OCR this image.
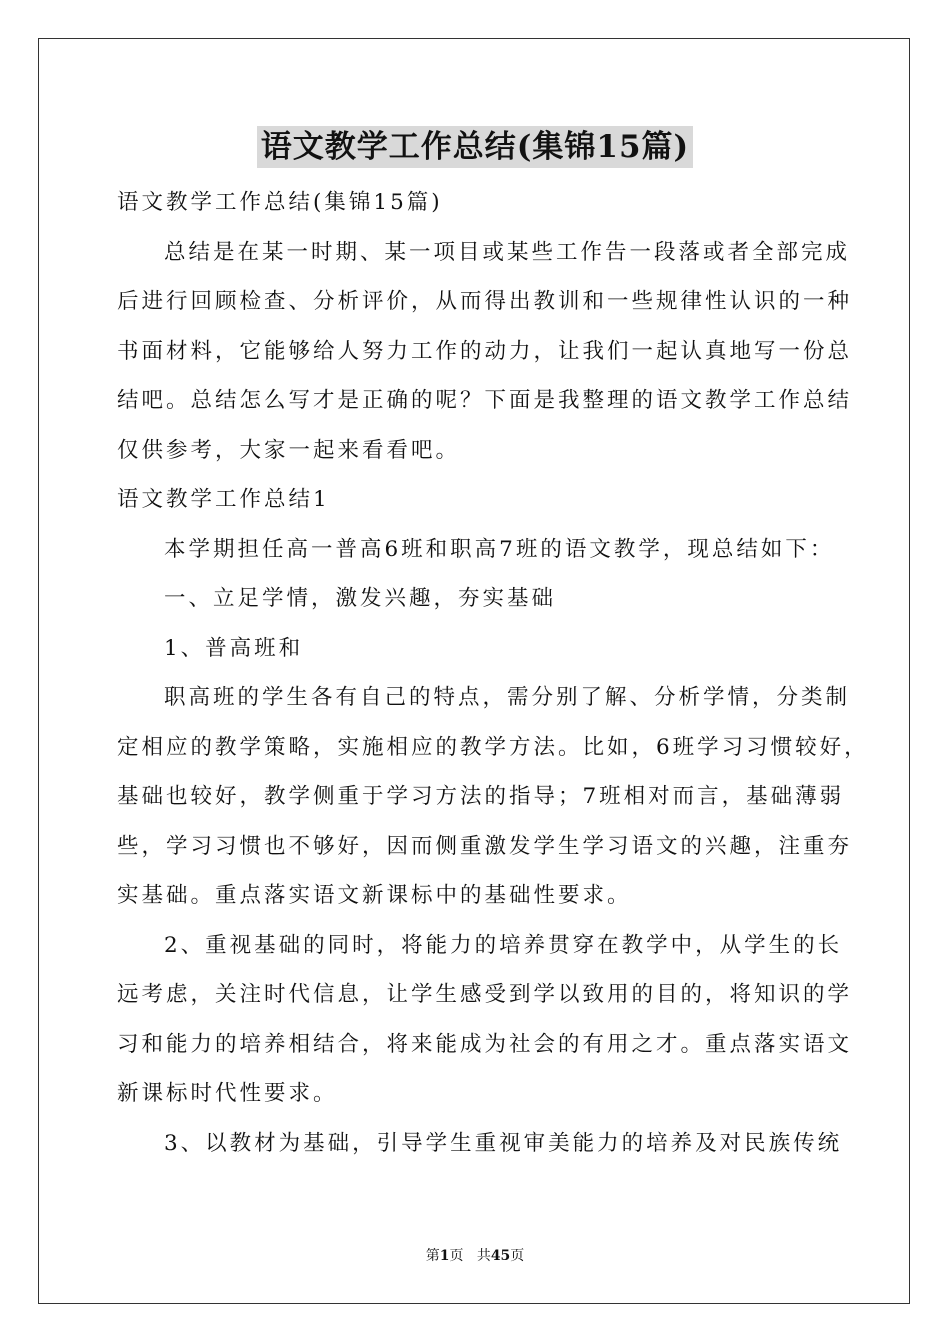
语文教学工作总结(集锦15篇)
语文教学工作总结(集锦15篇)
总结是在某一时期、某一项目或某些工作告一段落或者全部完成
后进行回顾检查、分析评价，从而得出教训和一些规律性认识的一种
书面材料，它能够给人努力工作的动力，让我们一起认真地写一份总
结吧。总结怎么写才是正确的呢？下面是我整理的语文教学工作总结
仅供参考，大家一起来看看吧。
语文教学工作总结1
本学期担任高一普高6班和职高7班的语文教学，现总结如下：
一、立足学情，激发兴趣，夯实基础
1、普高班和
职高班的学生各有自己的特点，需分别了解、分析学情，分类制
定相应的教学策略，实施相应的教学方法。比如，6班学习习惯较好，
基础也较好，教学侧重于学习方法的指导；7班相对而言，基础薄弱
些，学习习惯也不够好，因而侧重激发学生学习语文的兴趣，注重夯
实基础。重点落实语文新课标中的基础性要求。
2、重视基础的同时，将能力的培养贯穿在教学中，从学生的长
远考虑，关注时代信息，让学生感受到学以致用的目的，将知识的学
习和能力的培养相结合，将来能成为社会的有用之才。重点落实语文
新课标时代性要求。
3、以教材为基础，引导学生重视审美能力的培养及对民族传统
第1页 共45页
